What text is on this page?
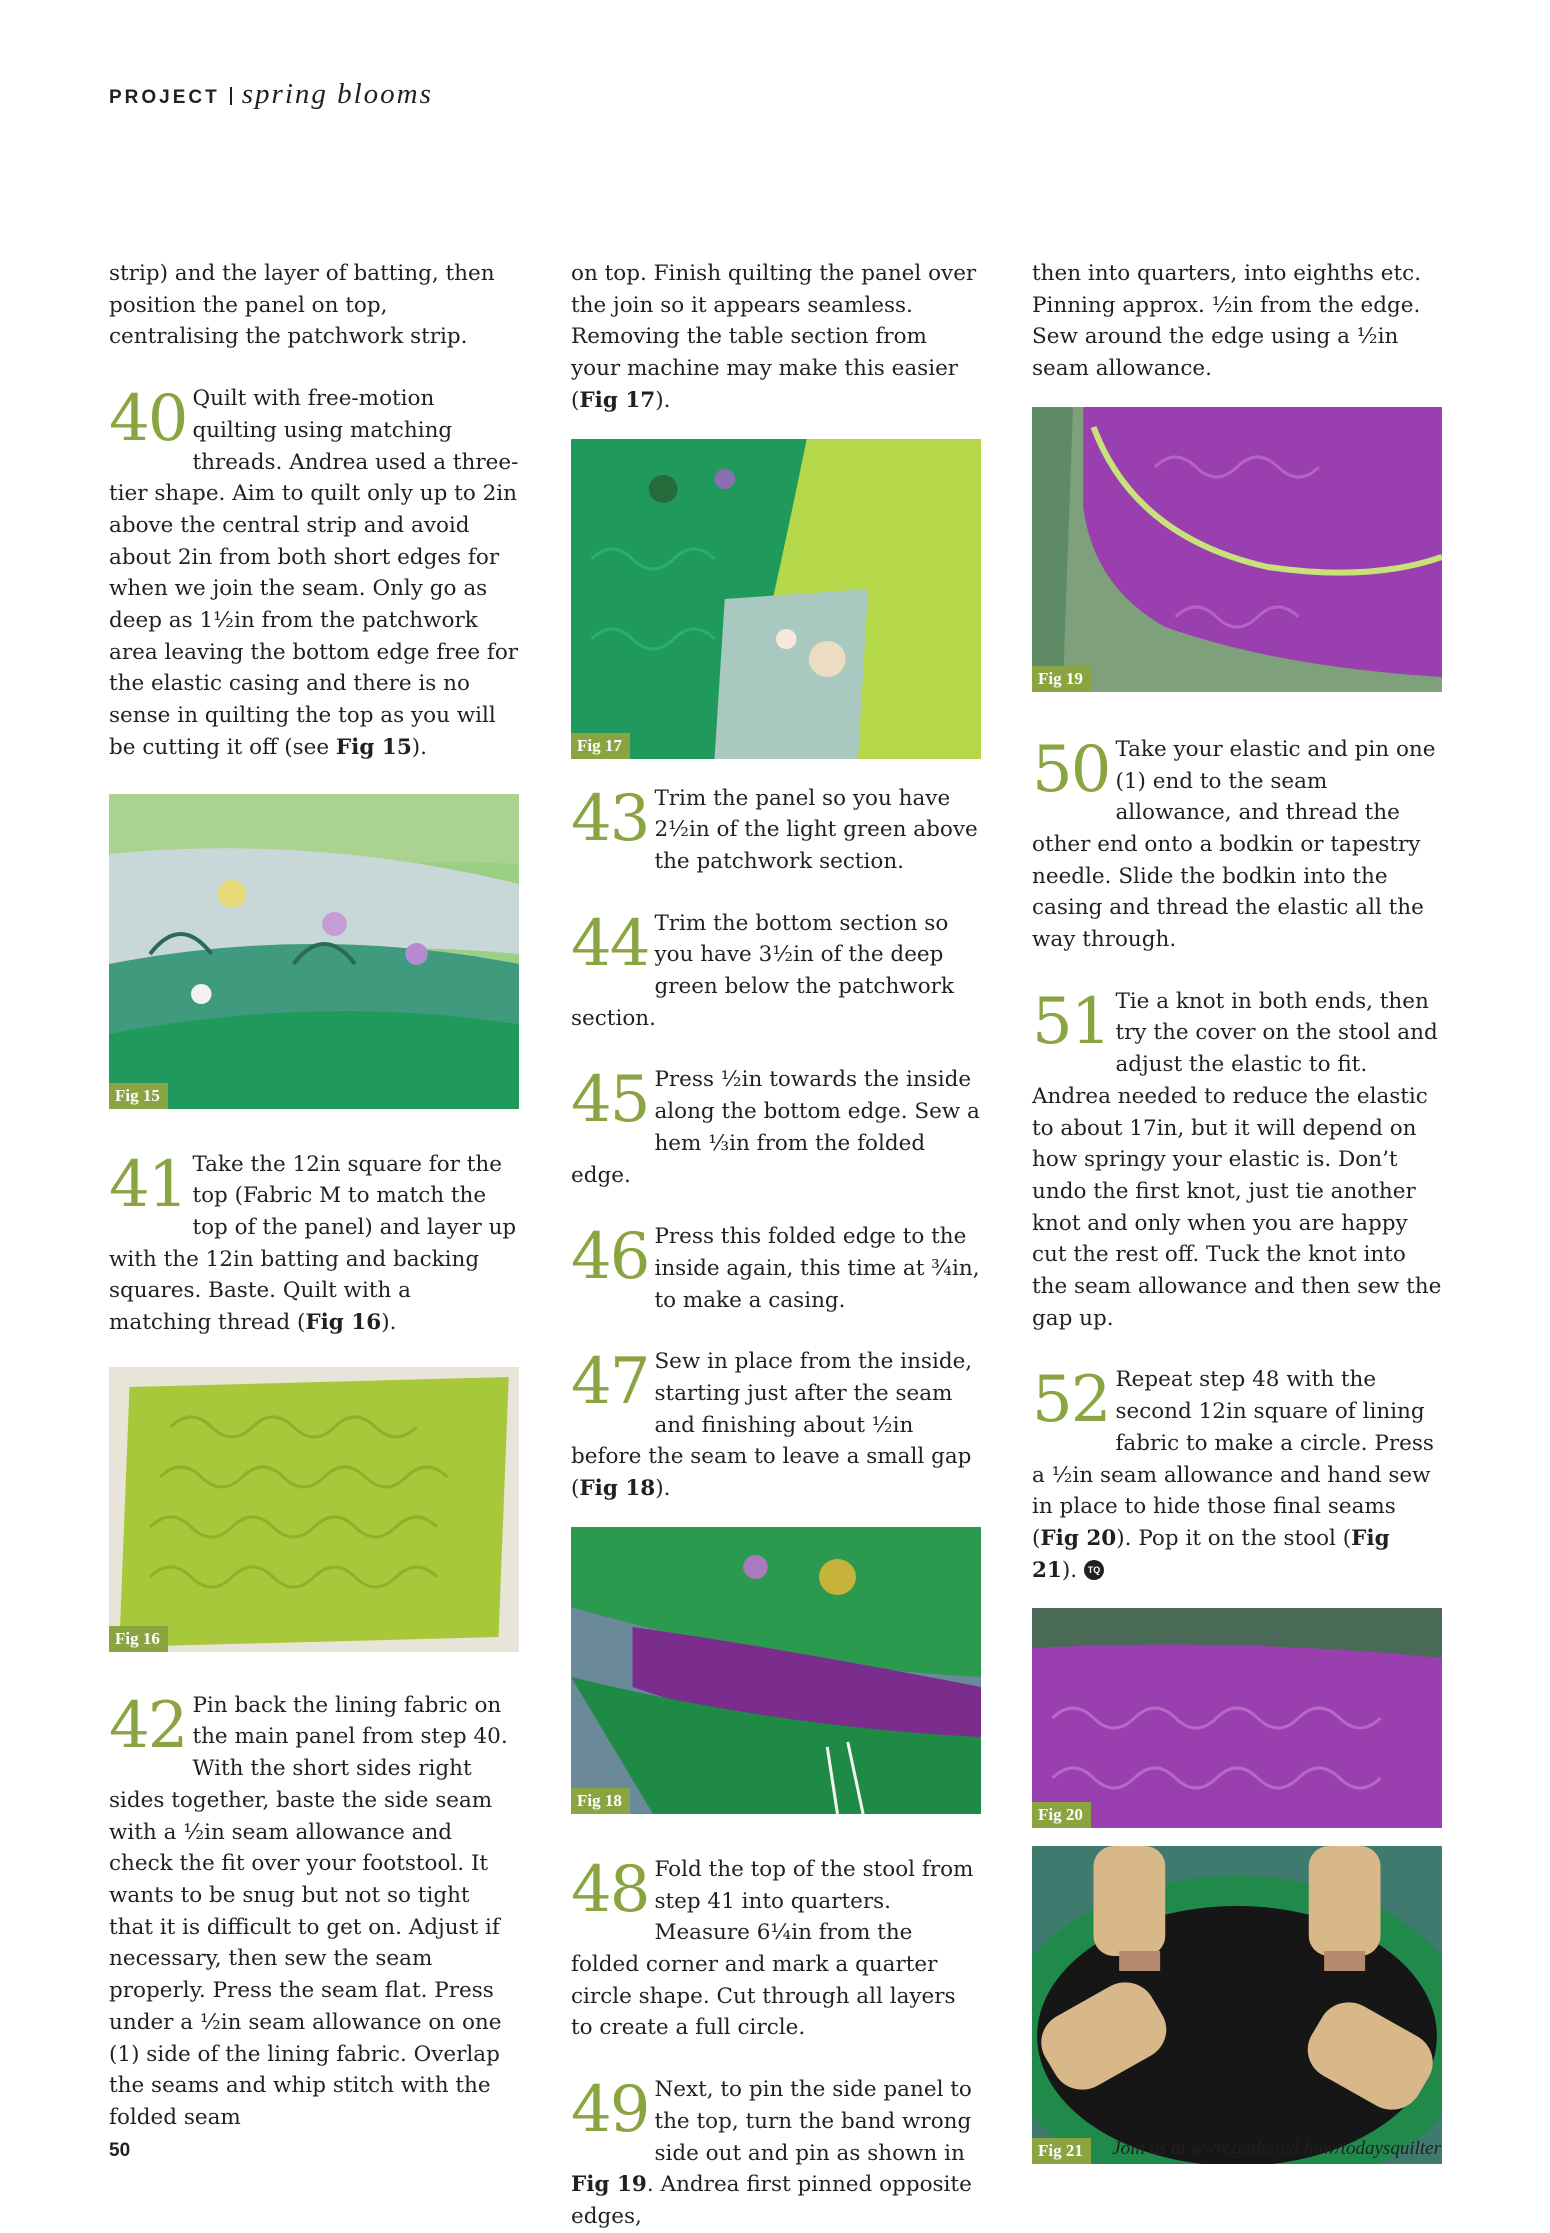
PROJECT spring blooms

strip) and the layer of batting, then position the panel on top, centralising the patchwork strip.

40 Quilt with free-motion quilting using matching threads. Andrea used a three-tier shape. Aim to quilt only up to 2in above the central strip and avoid about 2in from both short edges for when we join the seam. Only go as deep as 1½in from the patchwork area leaving the bottom edge free for the elastic casing and there is no sense in quilting the top as you will be cutting it off (see Fig 15).
Fig 15
41 Take the 12in square for the top (Fabric M to match the top of the panel) and layer up with the 12in batting and backing squares. Baste. Quilt with a matching thread (Fig 16).
Fig 16
42 Pin back the lining fabric on the main panel from step 40. With the short sides right sides together, baste the side seam with a ½in seam allowance and check the fit over your footstool. It wants to be snug but not so tight that it is difficult to get on. Adjust if necessary, then sew the seam properly. Press the seam flat. Press under a ½in seam allowance on one (1) side of the lining fabric. Overlap the seams and whip stitch with the folded seam

on top. Finish quilting the panel over the join so it appears seamless. Removing the table section from your machine may make this easier (Fig 17).

Fig 17
43 Trim the panel so you have 2½in of the light green above the patchwork section.
44 Trim the bottom section so you have 3½in of the deep green below the patchwork section.
45 Press ½in towards the inside along the bottom edge. Sew a hem ⅓in from the folded edge.
46 Press this folded edge to the inside again, this time at ¾in, to make a casing.
47 Sew in place from the inside, starting just after the seam and finishing about ½in before the seam to leave a small gap (Fig 18).
Fig 18
48 Fold the top of the stool from step 41 into quarters. Measure 6¼in from the folded corner and mark a quarter circle shape. Cut through all layers to create a full circle.
49 Next, to pin the side panel to the top, turn the band wrong side out and pin as shown in Fig 19. Andrea first pinned opposite edges,

then into quarters, into eighths etc. Pinning approx. ½in from the edge. Sew around the edge using a ½in seam allowance.

Fig 19
50 Take your elastic and pin one (1) end to the seam allowance, and thread the other end onto a bodkin or tapestry needle. Slide the bodkin into the casing and thread the elastic all the way through.
51 Tie a knot in both ends, then try the cover on the stool and adjust the elastic to fit. Andrea needed to reduce the elastic to about 17in, but it will depend on how springy your elastic is. Don’t undo the first knot, just tie another knot and only when you are happy cut the rest off. Tuck the knot into the seam allowance and then sew the gap up.
52 Repeat step 48 with the second 12in square of lining fabric to make a circle. Press a ½in seam allowance and hand sew in place to hide those final seams (Fig 20). Pop it on the stool (Fig 21). TQ
Fig 20
Fig 21
50	Join us at www.gathered.how/todaysquilter
